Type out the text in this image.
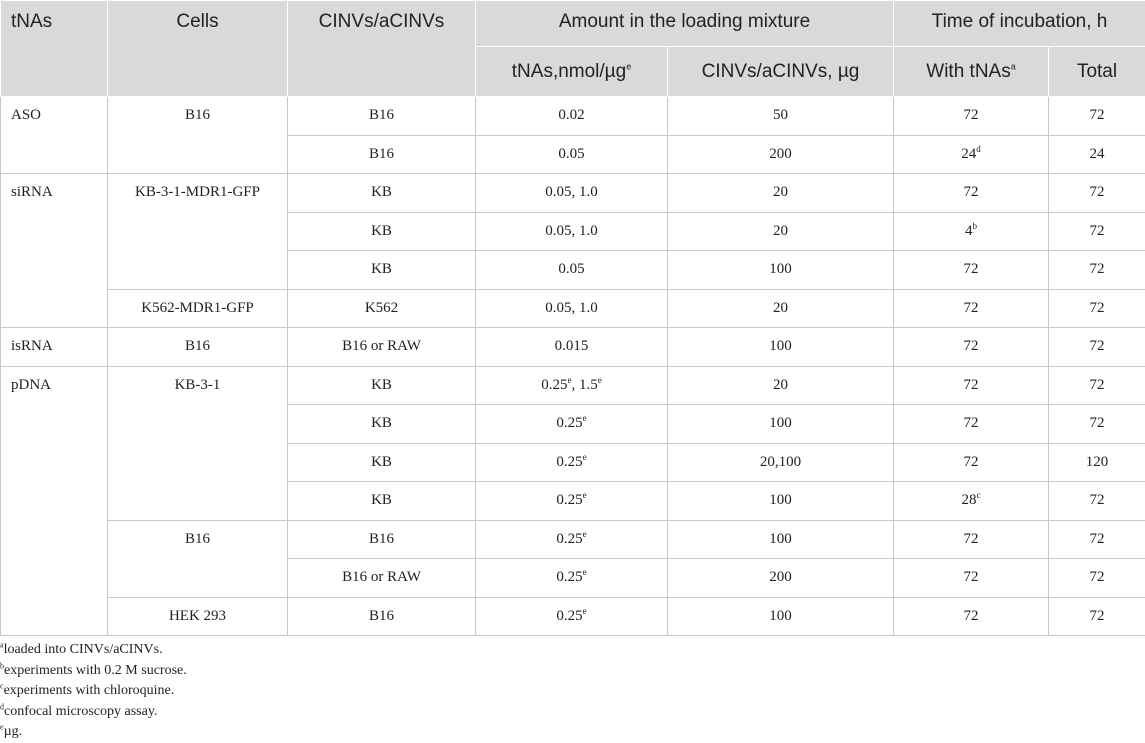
tNAs	Cells	CINVs/aCINVs	Amount in the loading mixture		Time of incubation, h	
			tNAs,nmol/µg$^e$	CINVs/aCINVs, µg	With tNAs$^a$	Total
ASO	B16	B16	0.02	50	72	72
		B16	0.05	200	24$^d$	24
siRNA	KB-3-1-MDR1-GFP	KB	0.05, 1.0	20	72	72
		KB	0.05, 1.0	20	4$^b$	72
		KB	0.05	100	72	72
	K562-MDR1-GFP	K562	0.05, 1.0	20	72	72
isRNA	B16	B16 or RAW	0.015	100	72	72
pDNA	KB-3-1	KB	0.25e, 1.5e	20	72	72
		KB	0.25e	100	72	72
		KB	0.25e	20,100	72	120
		KB	0.25e	100	28$^c$	72
	B16	B16	0.25e	100	72	72
		B16 or RAW	0.25e	200	72	72
	HEK 293	B16	0.25e	100	72	72
$^a$loaded into CINVs/aCINVs.
$^b$experiments with 0.2 M sucrose.
$^c$experiments with chloroquine.
$^d$confocal microscopy assay.
$^e$µg.
